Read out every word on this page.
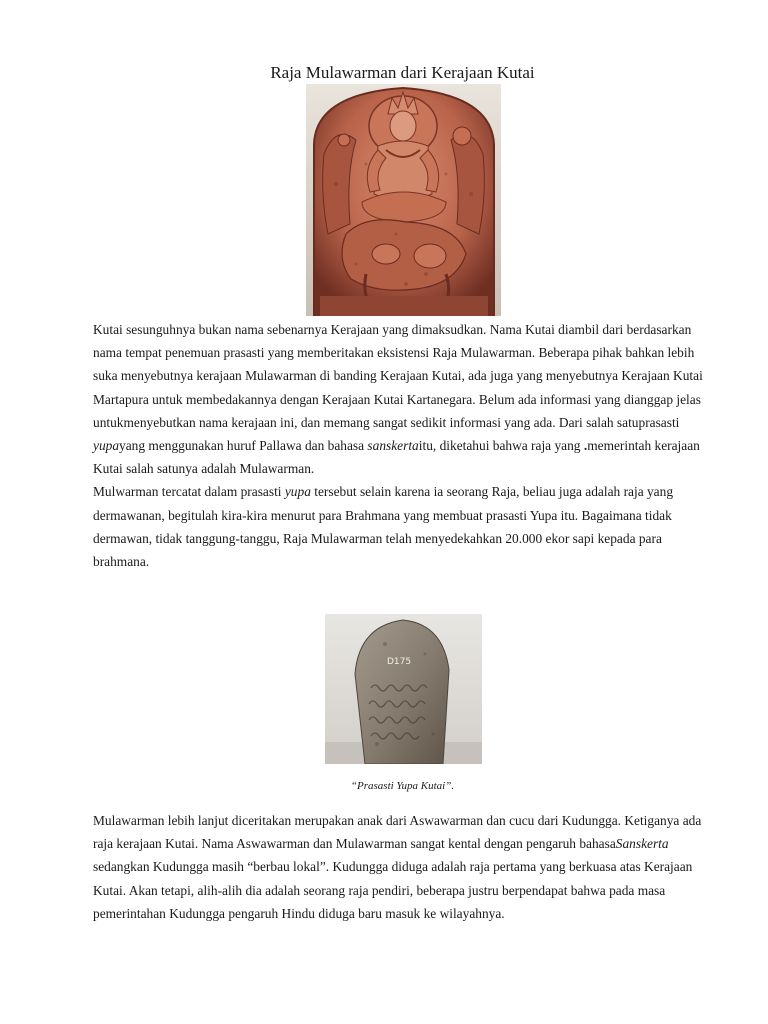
Raja Mulawarman dari Kerajaan Kutai

Kutai sesunguhnya bukan nama sebenarnya Kerajaan yang dimaksudkan. Nama Kutai diambil dari berdasarkan nama tempat penemuan prasasti yang memberitakan eksistensi Raja Mulawarman. Beberapa pihak bahkan lebih suka menyebutnya kerajaan Mulawarman di banding Kerajaan Kutai, ada juga yang menyebutnya Kerajaan Kutai Martapura untuk membedakannya dengan Kerajaan Kutai Kartanegara. Belum ada informasi yang dianggap jelas untukmenyebutkan nama kerajaan ini, dan memang sangat sedikit informasi yang ada. Dari salah satuprasasti yupayang menggunakan huruf Pallawa dan bahasa sanskertaitu, diketahui bahwa raja yang .memerintah kerajaan Kutai salah satunya adalah Mulawarman.

Mulwarman tercatat dalam prasasti yupa tersebut selain karena ia seorang Raja, beliau juga adalah raja yang dermawanan, begitulah kira-kira menurut para Brahmana yang membuat prasasti Yupa itu. Bagaimana tidak dermawan, tidak tanggung-tanggu, Raja Mulawarman telah menyedekahkan 20.000 ekor sapi kepada para brahmana.

D175
“Prasasti Yupa Kutai”.

Mulawarman lebih lanjut diceritakan merupakan anak dari Aswawarman dan cucu dari Kudungga. Ketiganya ada raja kerajaan Kutai. Nama Aswawarman dan Mulawarman sangat kental dengan pengaruh bahasaSanskerta sedangkan Kudungga masih “berbau lokal”. Kudungga diduga adalah raja pertama yang berkuasa atas Kerajaan Kutai. Akan tetapi, alih-alih dia adalah seorang raja pendiri, beberapa justru berpendapat bahwa pada masa pemerintahan Kudungga pengaruh Hindu diduga baru masuk ke wilayahnya.
